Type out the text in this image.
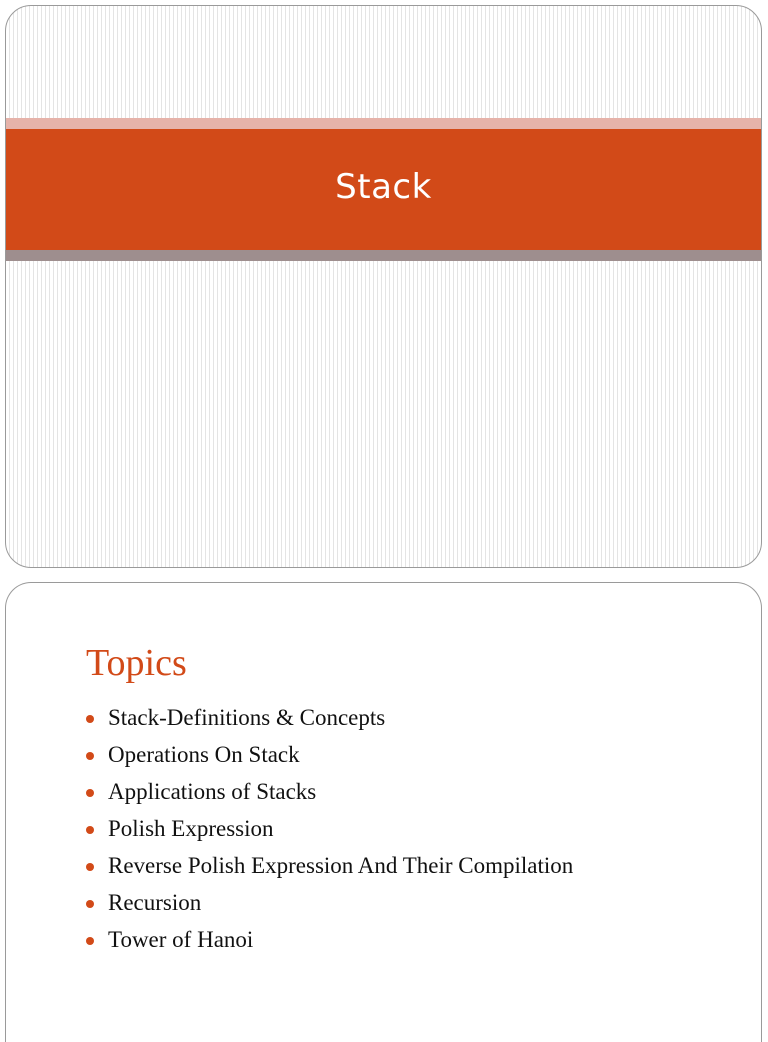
Stack
Topics
Stack-Definitions & Concepts
Operations On Stack
Applications of Stacks
Polish Expression
Reverse Polish Expression And Their Compilation
Recursion
Tower of Hanoi
